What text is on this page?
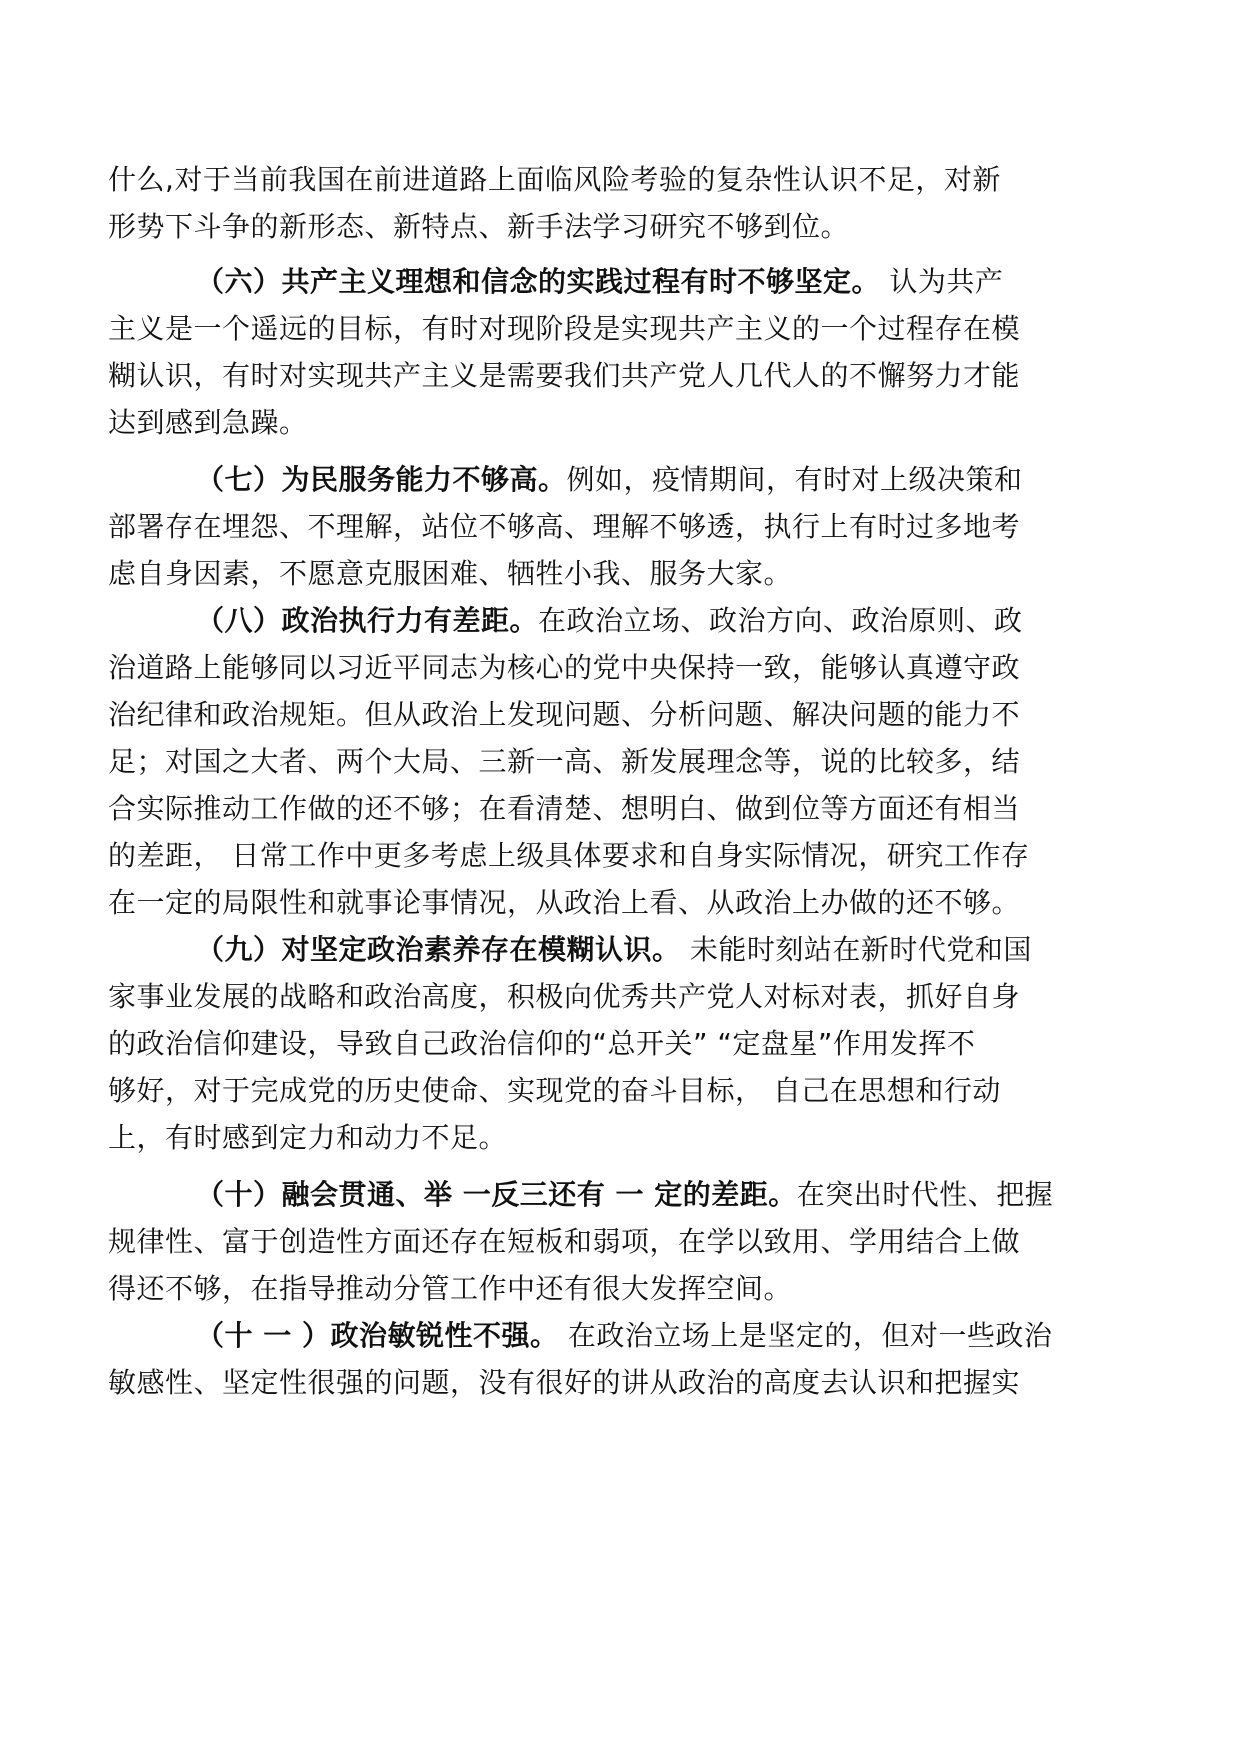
什么,对于当前我国在前进道路上面临风险考验的复杂性认识不足，对新
形势下斗争的新形态、新特点、新手法学习研究不够到位。
（六）共产主义理想和信念的实践过程有时不够坚定。 认为共产
主义是一个遥远的目标，有时对现阶段是实现共产主义的一个过程存在模
糊认识，有时对实现共产主义是需要我们共产党人几代人的不懈努力才能
达到感到急躁。
（七）为民服务能力不够高。例如，疫情期间，有时对上级决策和
部署存在埋怨、不理解，站位不够高、理解不够透，执行上有时过多地考
虑自身因素，不愿意克服困难、牺牲小我、服务大家。
（八）政治执行力有差距。在政治立场、政治方向、政治原则、政
治道路上能够同以习近平同志为核心的党中央保持一致，能够认真遵守政
治纪律和政治规矩。但从政治上发现问题、分析问题、解决问题的能力不
足；对国之大者、两个大局、三新一高、新发展理念等，说的比较多，结
合实际推动工作做的还不够；在看清楚、想明白、做到位等方面还有相当
的差距， 日常工作中更多考虑上级具体要求和自身实际情况，研究工作存
在一定的局限性和就事论事情况，从政治上看、从政治上办做的还不够。
（九）对坚定政治素养存在模糊认识。 未能时刻站在新时代党和国
家事业发展的战略和政治高度，积极向优秀共产党人对标对表，抓好自身
的政治信仰建设，导致自己政治信仰的“总开关” “定盘星”作用发挥不
够好，对于完成党的历史使命、实现党的奋斗目标， 自己在思想和行动
上，有时感到定力和动力不足。
（十）融会贯通、举 一反三还有 一 定的差距。在突出时代性、把握
规律性、富于创造性方面还存在短板和弱项，在学以致用、学用结合上做
得还不够，在指导推动分管工作中还有很大发挥空间。
（十 一 ）政治敏锐性不强。 在政治立场上是坚定的，但对一些政治
敏感性、坚定性很强的问题，没有很好的讲从政治的高度去认识和把握实
